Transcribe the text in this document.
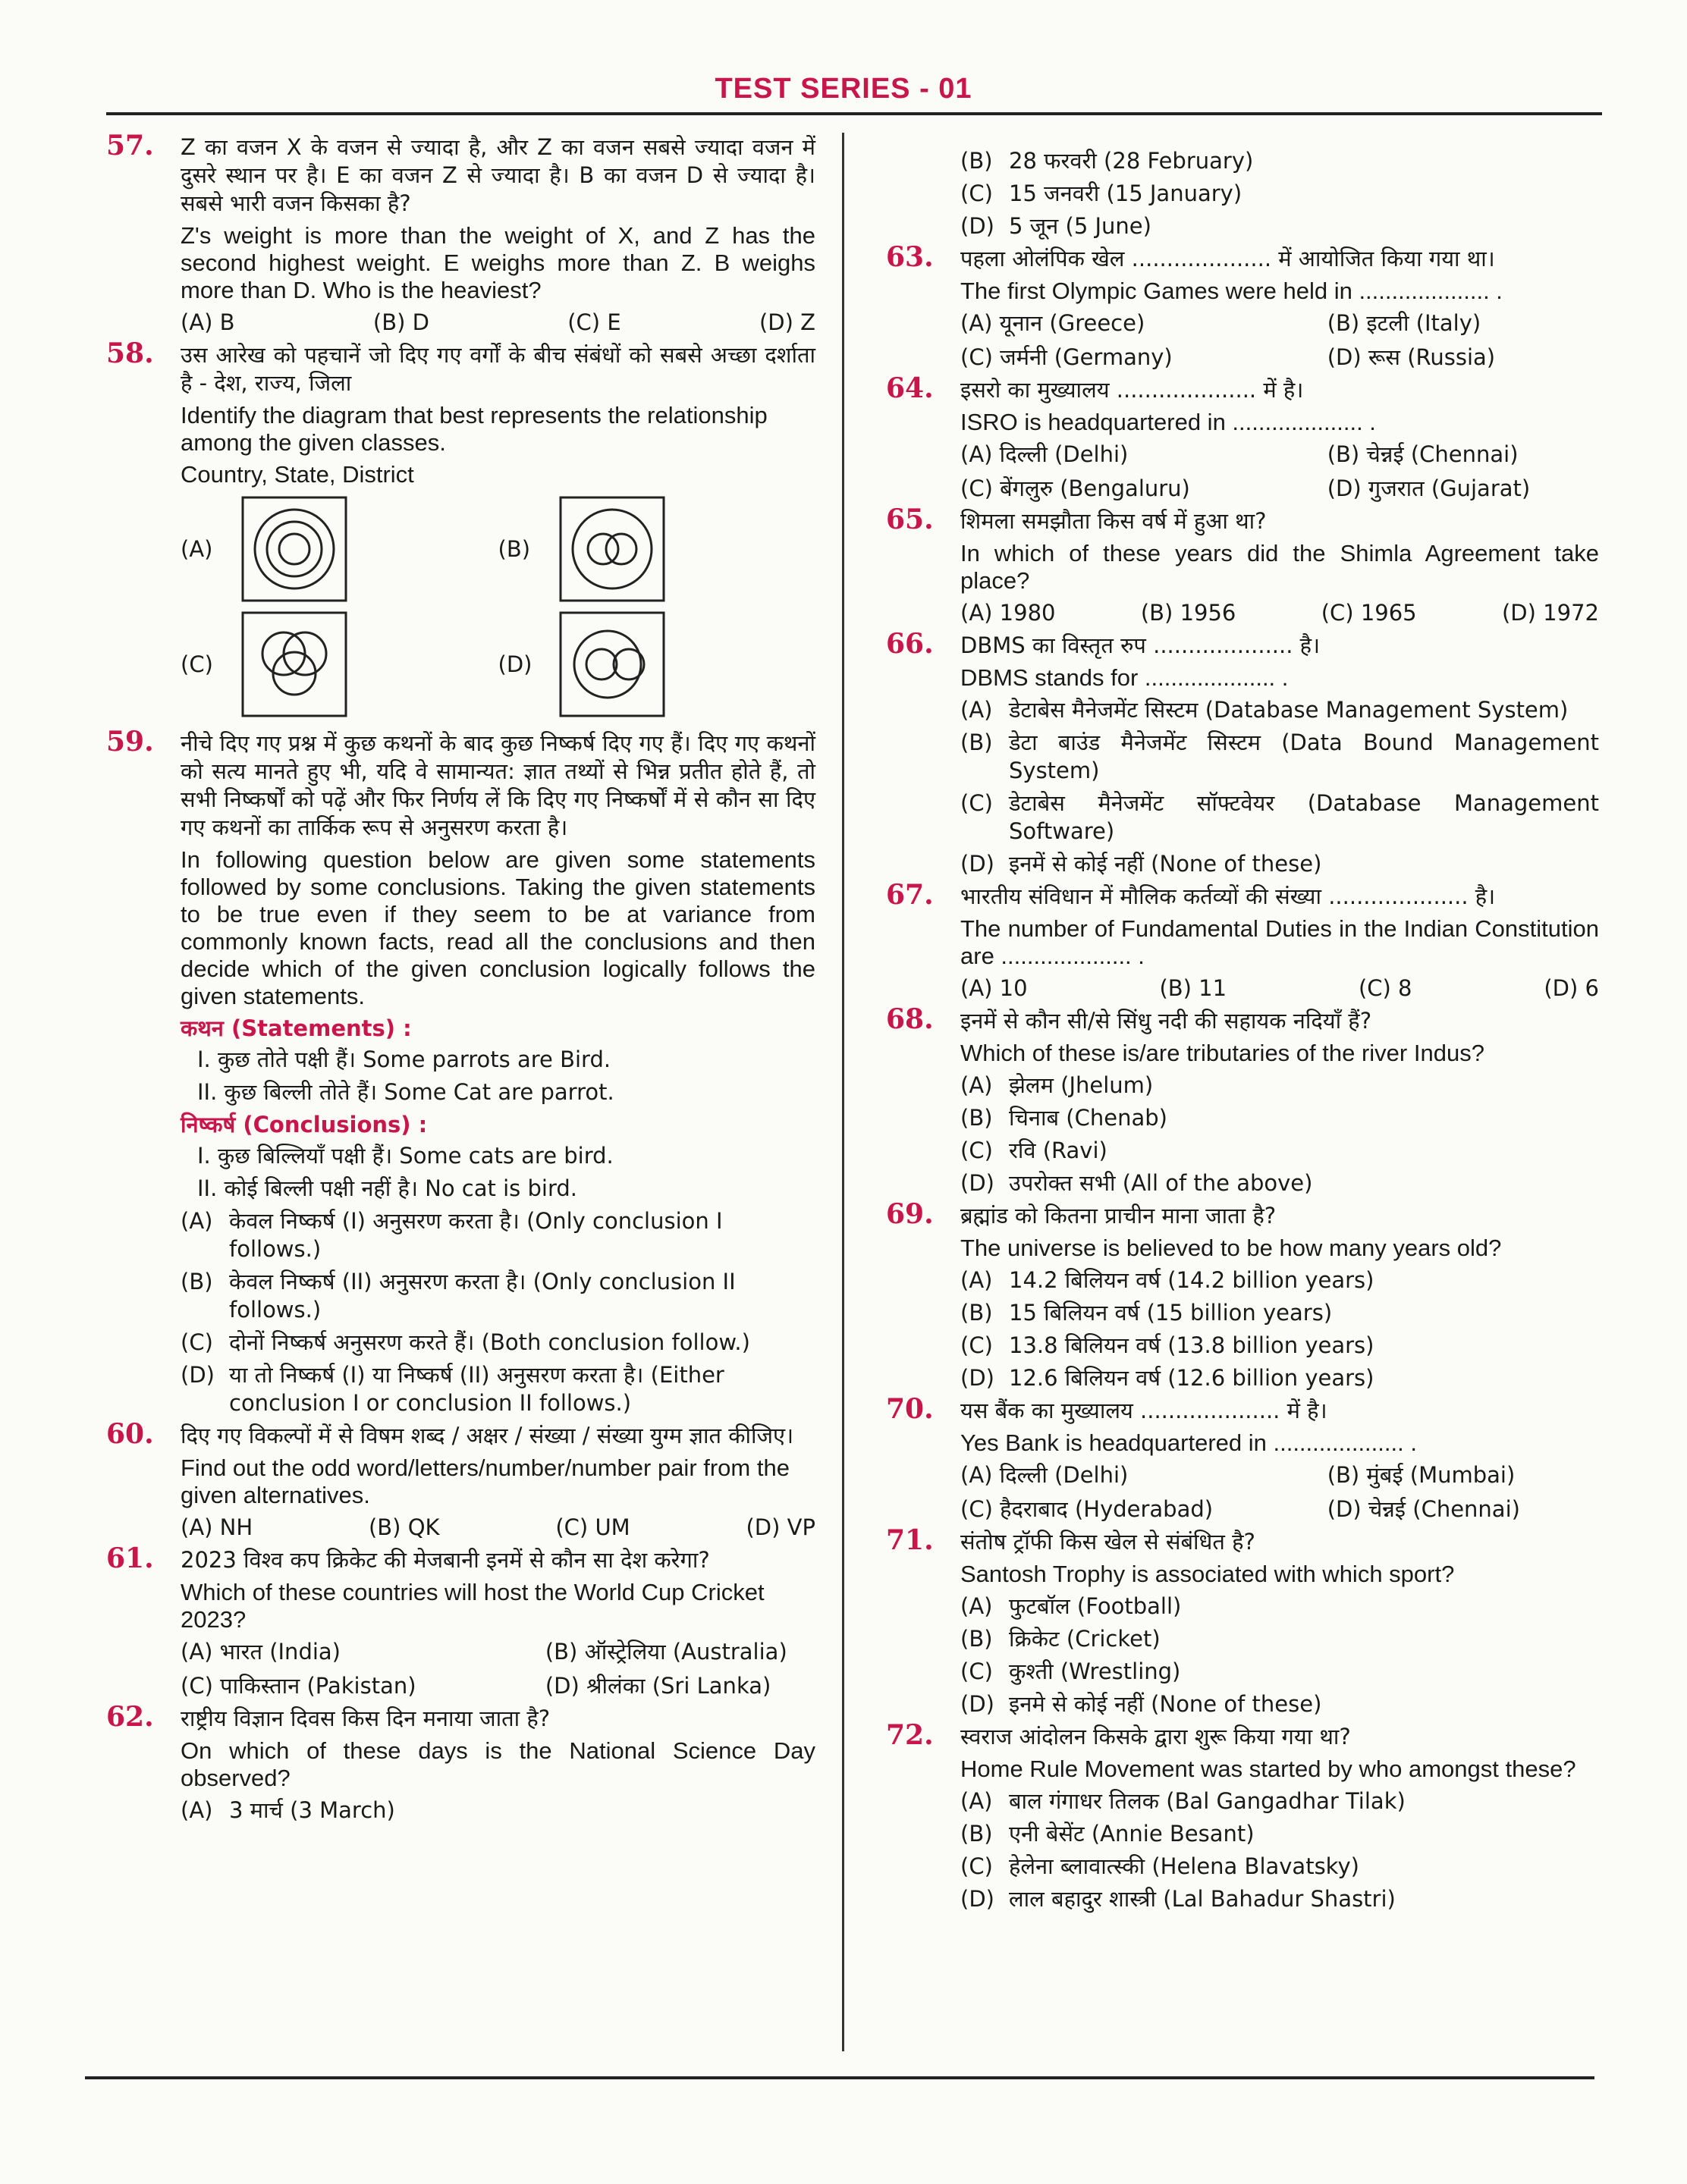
TEST SERIES - 01
57. Z का वजन X के वजन से ज्यादा है, और Z का वजन सबसे ज्यादा वजन में दुसरे स्थान पर है। E का वजन Z से ज्यादा है। B का वजन D से ज्यादा है। सबसे भारी वजन किसका है?

Z's weight is more than the weight of X, and Z has the second highest weight. E weighs more than Z. B weighs more than D. Who is the heaviest?

(A) B	(B) D	(C) E	(D) Z
58. उस आरेख को पहचानें जो दिए गए वर्गों के बीच संबंधों को सबसे अच्छा दर्शाता है - देश, राज्य, जिला

Identify the diagram that best represents the relationship among the given classes.

Country, State, District

(A)	(B)
(C)	(D)
59. नीचे दिए गए प्रश्न में कुछ कथनों के बाद कुछ निष्कर्ष दिए गए हैं। दिए गए कथनों को सत्य मानते हुए भी, यदि वे सामान्यत: ज्ञात तथ्यों से भिन्न प्रतीत होते हैं, तो सभी निष्कर्षों को पढ़ें और फिर निर्णय लें कि दिए गए निष्कर्षों में से कौन सा दिए गए कथनों का तार्किक रूप से अनुसरण करता है।

In following question below are given some statements followed by some conclusions. Taking the given statements to be true even if they seem to be at variance from commonly known facts, read all the conclusions and then decide which of the given conclusion logically follows the given statements.

कथन (Statements) :
I. कुछ तोते पक्षी हैं। Some parrots are Bird.
II. कुछ बिल्ली तोते हैं। Some Cat are parrot.
निष्कर्ष (Conclusions) :
I. कुछ बिल्लियाँ पक्षी हैं। Some cats are bird.
II. कोई बिल्ली पक्षी नहीं है। No cat is bird.
(A) केवल निष्कर्ष (I) अनुसरण करता है। (Only conclusion I follows.)
(B) केवल निष्कर्ष (II) अनुसरण करता है। (Only conclusion II follows.)
(C) दोनों निष्कर्ष अनुसरण करते हैं। (Both conclusion follow.)
(D) या तो निष्कर्ष (I) या निष्कर्ष (II) अनुसरण करता है। (Either conclusion I or conclusion II follows.)
60. दिए गए विकल्पों में से विषम शब्द / अक्षर / संख्या / संख्या युग्म ज्ञात कीजिए।

Find out the odd word/letters/number/number pair from the given alternatives.

(A) NH	(B) QK	(C) UM	(D) VP
61. 2023 विश्व कप क्रिकेट की मेजबानी इनमें से कौन सा देश करेगा?

Which of these countries will host the World Cup Cricket 2023?

(A) भारत (India)	(B) ऑस्ट्रेलिया (Australia)
(C) पाकिस्तान (Pakistan)	(D) श्रीलंका (Sri Lanka)
62. राष्ट्रीय विज्ञान दिवस किस दिन मनाया जाता है?

On which of these days is the National Science Day observed?

(A) 3 मार्च (3 March)
(B) 28 फरवरी (28 February)
(C) 15 जनवरी (15 January)
(D) 5 जून (5 June)
63. पहला ओलंपिक खेल .................... में आयोजित किया गया था।

The first Olympic Games were held in .................... .

(A) यूनान (Greece)	(B) इटली (Italy)
(C) जर्मनी (Germany)	(D) रूस (Russia)
64. इसरो का मुख्यालय .................... में है।

ISRO is headquartered in .................... .

(A) दिल्ली (Delhi)	(B) चेन्नई (Chennai)
(C) बेंगलुरु (Bengaluru)	(D) गुजरात (Gujarat)
65. शिमला समझौता किस वर्ष में हुआ था?

In which of these years did the Shimla Agreement take place?

(A) 1980	(B) 1956	(C) 1965	(D) 1972
66. DBMS का विस्तृत रुप .................... है।

DBMS stands for .................... .

(A) डेटाबेस मैनेजमेंट सिस्टम (Database Management System)
(B) डेटा बाउंड मैनेजमेंट सिस्टम (Data Bound Management System)
(C) डेटाबेस मैनेजमेंट सॉफ्टवेयर (Database Management Software)
(D) इनमें से कोई नहीं (None of these)
67. भारतीय संविधान में मौलिक कर्तव्यों की संख्या .................... है।

The number of Fundamental Duties in the Indian Constitution are .................... .

(A) 10	(B) 11	(C) 8	(D) 6
68. इनमें से कौन सी/से सिंधु नदी की सहायक नदियाँ हैं?

Which of these is/are tributaries of the river Indus?

(A) झेलम (Jhelum)
(B) चिनाब (Chenab)
(C) रवि (Ravi)
(D) उपरोक्त सभी (All of the above)
69. ब्रह्मांड को कितना प्राचीन माना जाता है?

The universe is believed to be how many years old?

(A) 14.2 बिलियन वर्ष (14.2 billion years)
(B) 15 बिलियन वर्ष (15 billion years)
(C) 13.8 बिलियन वर्ष (13.8 billion years)
(D) 12.6 बिलियन वर्ष (12.6 billion years)
70. यस बैंक का मुख्यालय .................... में है।

Yes Bank is headquartered in .................... .

(A) दिल्ली (Delhi)	(B) मुंबई (Mumbai)
(C) हैदराबाद (Hyderabad)	(D) चेन्नई (Chennai)
71. संतोष ट्रॉफी किस खेल से संबंधित है?

Santosh Trophy is associated with which sport?

(A) फुटबॉल (Football)
(B) क्रिकेट (Cricket)
(C) कुश्ती (Wrestling)
(D) इनमे से कोई नहीं (None of these)
72. स्वराज आंदोलन किसके द्वारा शुरू किया गया था?

Home Rule Movement was started by who amongst these?

(A) बाल गंगाधर तिलक (Bal Gangadhar Tilak)
(B) एनी बेसेंट (Annie Besant)
(C) हेलेना ब्लावात्स्की (Helena Blavatsky)
(D) लाल बहादुर शास्त्री (Lal Bahadur Shastri)
